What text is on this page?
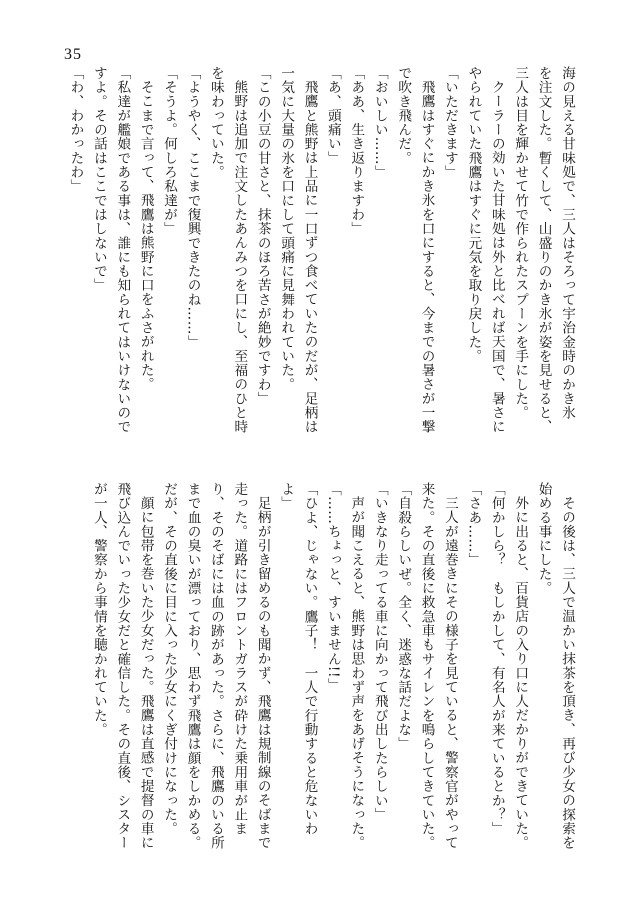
35
海の見える甘味処で、三人はそろって宇治金時のかき氷
を注文した。暫くして、山盛りのかき氷が姿を見せると、
三人は目を輝かせて竹で作られたスプーンを手にした。
クーラーの効いた甘味処は外と比べれば天国で、暑さに
やられていた飛鷹はすぐに元気を取り戻した。
「いただきます」
飛鷹はすぐにかき氷を口にすると、今までの暑さが一撃
で吹き飛んだ。
「おいしい……」
「ああ、生き返りますわ」
「あ、頭痛い」
飛鷹と熊野は上品に一口ずつ食べていたのだが、足柄は
一気に大量の氷を口にして頭痛に見舞われていた。
「この小豆の甘さと、抹茶のほろ苦さが絶妙ですわ」
熊野は追加で注文したあんみつを口にし、至福のひと時
を味わっていた。
「ようやく、ここまで復興できたのね……」
「そうよ。何しろ私達が」
そこまで言って、飛鷹は熊野に口をふさがれた。
「私達が艦娘である事は、誰にも知られてはいけないので
すよ。その話はここではしないで」
「わ、わかったわ」
その後は、三人で温かい抹茶を頂き、再び少女の探索を
始める事にした。
外に出ると、百貨店の入り口に人だかりができていた。
「何かしら？　もしかして、有名人が来ているとか？」
「さあ……」
三人が遠巻きにその様子を見ていると、警察官がやって
来た。その直後に救急車もサイレンを鳴らしてきていた。
「自殺らしいぜ。全く、迷惑な話だよな」
「いきなり走ってる車に向かって飛び出したらしい」
声が聞こえると、熊野は思わず声をあげそうになった。
「……ちょっと、すいません!!」
「ひよ、じゃない。鷹子！　一人で行動すると危ないわ
よ」
足柄が引き留めるのも聞かず、飛鷹は規制線のそばまで
走った。道路にはフロントガラスが砕けた乗用車が止ま
り、そのそばには血の跡があった。さらに、飛鷹のいる所
まで血の臭いが漂っており、思わず飛鷹は顔をしかめる。
だが、その直後に目に入った少女にくぎ付けになった。
顔に包帯を巻いた少女だった。飛鷹は直感で提督の車に
飛び込んでいった少女だと確信した。その直後、シスター
が一人、警察から事情を聴かれていた。
